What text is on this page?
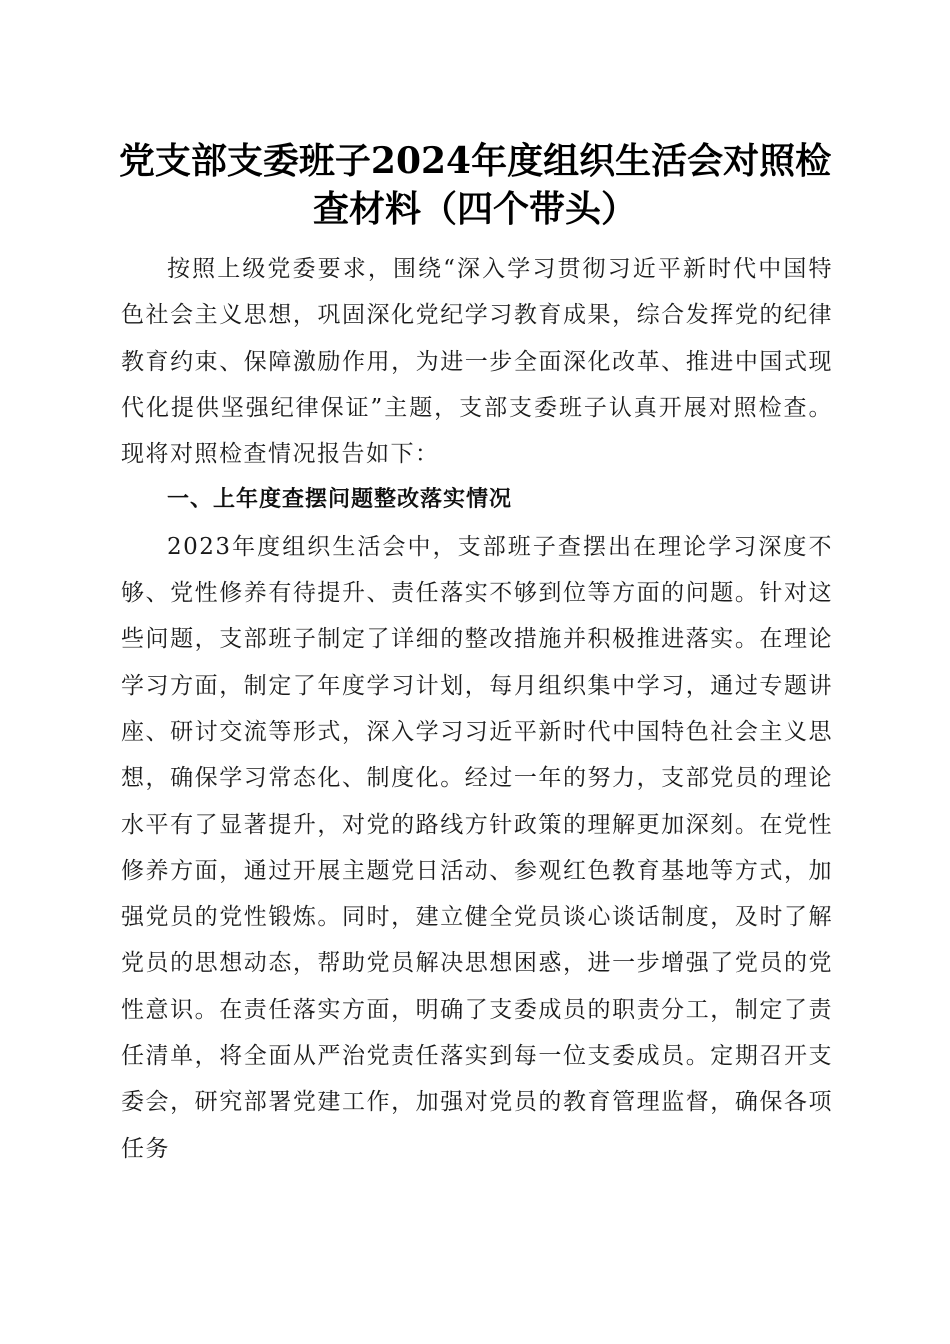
党支部支委班子2024年度组织生活会对照检
查材料（四个带头）

按照上级党委要求，围绕“深入学习贯彻习近平新时代中国特色社会主义思想，巩固深化党纪学习教育成果，综合发挥党的纪律教育约束、保障激励作用，为进一步全面深化改革、推进中国式现代化提供坚强纪律保证”主题，支部支委班子认真开展对照检查。现将对照检查情况报告如下：

一、上年度查摆问题整改落实情况

2023年度组织生活会中，支部班子查摆出在理论学习深度不够、党性修养有待提升、责任落实不够到位等方面的问题。针对这些问题，支部班子制定了详细的整改措施并积极推进落实。在理论学习方面，制定了年度学习计划，每月组织集中学习，通过专题讲座、研讨交流等形式，深入学习习近平新时代中国特色社会主义思想，确保学习常态化、制度化。经过一年的努力，支部党员的理论水平有了显著提升，对党的路线方针政策的理解更加深刻。在党性修养方面，通过开展主题党日活动、参观红色教育基地等方式，加强党员的党性锻炼。同时，建立健全党员谈心谈话制度，及时了解党员的思想动态，帮助党员解决思想困惑，进一步增强了党员的党性意识。在责任落实方面，明确了支委成员的职责分工，制定了责任清单，将全面从严治党责任落实到每一位支委成员。定期召开支委会，研究部署党建工作，加强对党员的教育管理监督，确保各项任务
